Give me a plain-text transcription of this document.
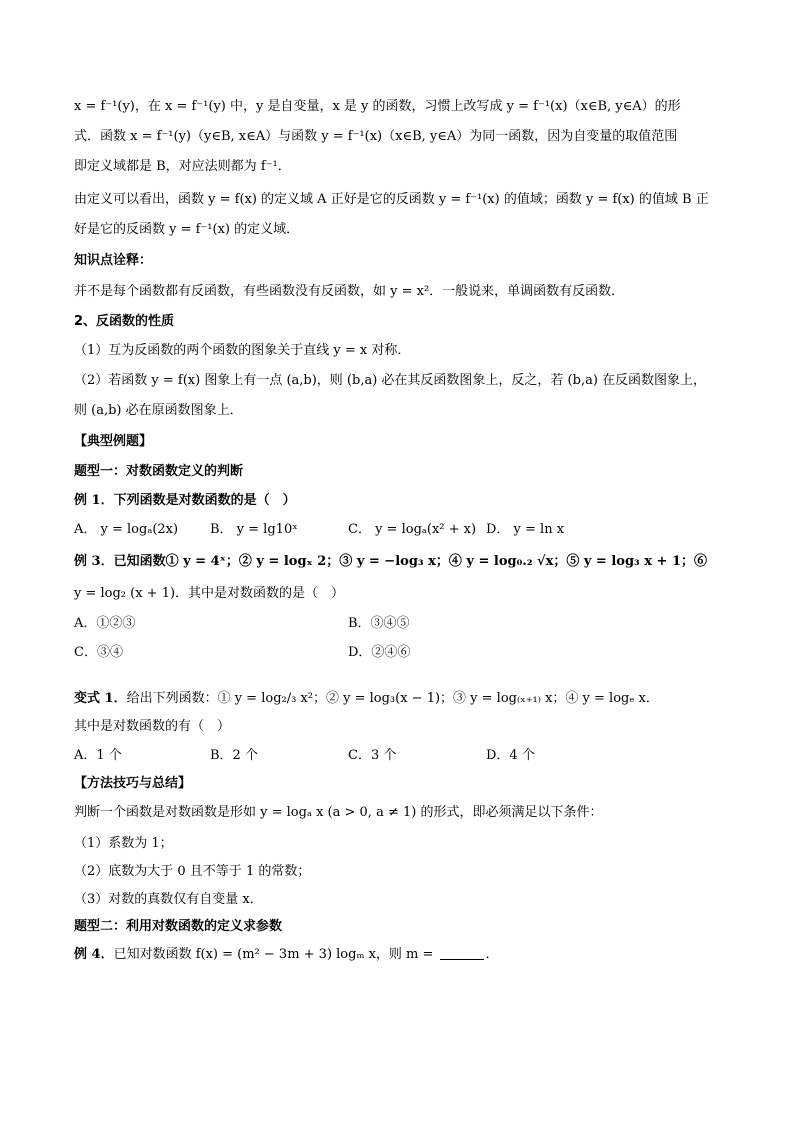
x = f⁻¹(y)，在 x = f⁻¹(y) 中，y 是自变量，x 是 y 的函数，习惯上改写成 y = f⁻¹(x)（x∈B, y∈A）的形
式．函数 x = f⁻¹(y)（y∈B, x∈A）与函数 y = f⁻¹(x)（x∈B, y∈A）为同一函数，因为自变量的取值范围
即定义域都是 B，对应法则都为 f⁻¹．
由定义可以看出，函数 y = f(x) 的定义域 A 正好是它的反函数 y = f⁻¹(x) 的值域；函数 y = f(x) 的值域 B 正
好是它的反函数 y = f⁻¹(x) 的定义域．
知识点诠释：
并不是每个函数都有反函数，有些函数没有反函数，如 y = x²．一般说来，单调函数有反函数．
2、反函数的性质
（1）互为反函数的两个函数的图象关于直线 y = x 对称．
（2）若函数 y = f(x) 图象上有一点 (a,b)，则 (b,a) 必在其反函数图象上，反之，若 (b,a) 在反函数图象上，
则 (a,b) 必在原函数图象上．
【典型例题】
题型一：对数函数定义的判断
例 1．下列函数是对数函数的是（　）
A． y = logₐ(2x) B． y = lg10ˣ	C． y = logₐ(x² + x) D． y = ln x
例 3．已知函数① y = 4ˣ；② y = logₓ 2；③ y = −log₃ x；④ y = log₀.₂ √x；⑤ y = log₃ x + 1；⑥
y = log₂ (x + 1)．其中是对数函数的是（　）
A．①②③	B．③④⑤
C．③④	D．②④⑥
变式 1．给出下列函数：① y = log₂/₃ x²；② y = log₃(x − 1)；③ y = log₍ₓ₊₁₎ x；④ y = logₑ x．
其中是对数函数的有（　）
A．1 个	B．2 个	C．3 个	D．4 个
【方法技巧与总结】
判断一个函数是对数函数是形如 y = logₐ x (a > 0, a ≠ 1) 的形式，即必须满足以下条件：
（1）系数为 1；
（2）底数为大于 0 且不等于 1 的常数；
（3）对数的真数仅有自变量 x．
题型二：利用对数函数的定义求参数
例 4．已知对数函数 f(x) = (m² − 3m + 3) logₘ x，则 m =	．
